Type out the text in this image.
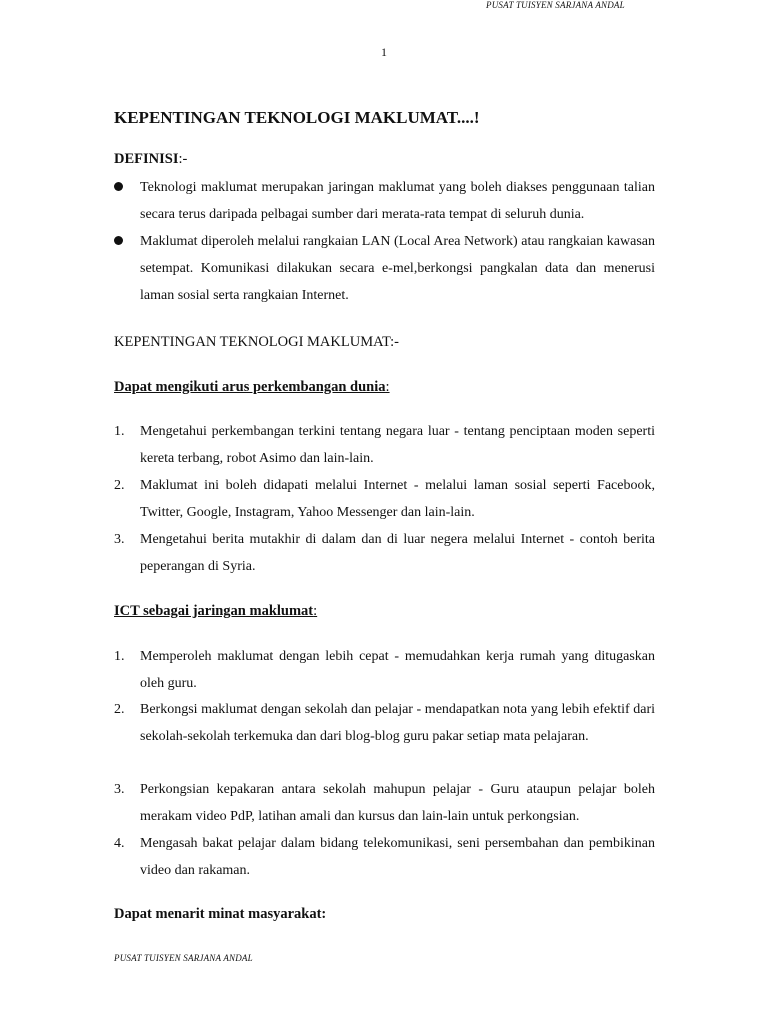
PUSAT TUISYEN SARJANA ANDAL
1
KEPENTINGAN TEKNOLOGI MAKLUMAT....!
DEFINISI:-
Teknologi maklumat merupakan jaringan maklumat yang boleh diakses penggunaan talian secara terus daripada pelbagai sumber dari merata-rata tempat di seluruh dunia.
Maklumat diperoleh melalui rangkaian LAN (Local Area Network) atau rangkaian kawasan setempat. Komunikasi dilakukan secara e-mel,berkongsi pangkalan data dan menerusi laman sosial serta rangkaian Internet.
KEPENTINGAN TEKNOLOGI MAKLUMAT:-
Dapat mengikuti arus perkembangan dunia:
1. Mengetahui perkembangan terkini tentang negara luar - tentang penciptaan moden seperti kereta terbang, robot Asimo dan lain-lain.
2. Maklumat ini boleh didapati melalui Internet - melalui laman sosial seperti Facebook, Twitter, Google, Instagram, Yahoo Messenger dan lain-lain.
3. Mengetahui berita mutakhir di dalam dan di luar negera melalui Internet - contoh berita peperangan di Syria.
ICT sebagai jaringan maklumat:
1. Memperoleh maklumat dengan lebih cepat - memudahkan kerja rumah yang ditugaskan oleh guru.
2. Berkongsi maklumat dengan sekolah dan pelajar - mendapatkan nota yang lebih efektif dari sekolah-sekolah terkemuka dan dari blog-blog guru pakar setiap mata pelajaran.
3. Perkongsian kepakaran antara sekolah mahupun pelajar - Guru ataupun pelajar boleh merakam video PdP, latihan amali dan kursus dan lain-lain untuk perkongsian.
4. Mengasah bakat pelajar dalam bidang telekomunikasi, seni persembahan dan pembikinan video dan rakaman.
Dapat menarit minat masyarakat:
PUSAT TUISYEN SARJANA ANDAL
